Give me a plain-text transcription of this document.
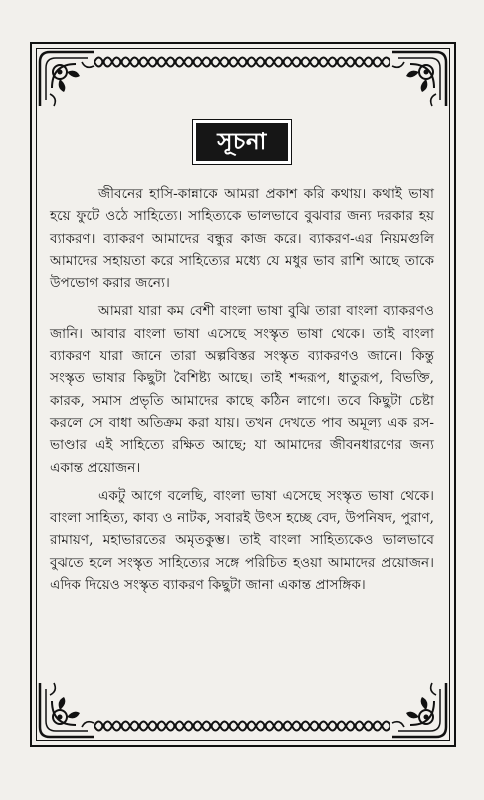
সূচনা

জীবনের হাসি-কান্নাকে আমরা প্রকাশ করি কথায়। কথাই ভাষা হয়ে ফুটে ওঠে সাহিত্যে। সাহিত্যকে ভালভাবে বুঝবার জন্য দরকার হয় ব্যাকরণ। ব্যাকরণ আমাদের বন্ধুর কাজ করে। ব্যাকরণ-এর নিয়মগুলি আমাদের সহায়তা করে সাহিত্যের মধ্যে যে মধুর ভাব রাশি আছে তাকে উপভোগ করার জন্যে।

আমরা যারা কম বেশী বাংলা ভাষা বুঝি তারা বাংলা ব্যাকরণও জানি। আবার বাংলা ভাষা এসেছে সংস্কৃত ভাষা থেকে। তাই বাংলা ব্যাকরণ যারা জানে তারা অল্পবিস্তর সংস্কৃত ব্যাকরণও জানে। কিন্তু সংস্কৃত ভাষার কিছুটা বৈশিষ্ট্য আছে। তাই শব্দরূপ, ধাতুরূপ, বিভক্তি, কারক, সমাস প্রভৃতি আমাদের কাছে কঠিন লাগে। তবে কিছুটা চেষ্টা করলে সে বাধা অতিক্রম করা যায়। তখন দেখতে পাব অমূল্য এক রস-ভাণ্ডার এই সাহিত্যে রক্ষিত আছে; যা আমাদের জীবনধারণের জন্য একান্ত প্রয়োজন।

একটু আগে বলেছি, বাংলা ভাষা এসেছে সংস্কৃত ভাষা থেকে। বাংলা সাহিত্য, কাব্য ও নাটক, সবারই উৎস হচ্ছে বেদ, উপনিষদ, পুরাণ, রামায়ণ, মহাভারতের অমৃতকুম্ভ। তাই বাংলা সাহিত্যকেও ভালভাবে বুঝতে হলে সংস্কৃত সাহিত্যের সঙ্গে পরিচিত হওয়া আমাদের প্রয়োজন। এদিক দিয়েও সংস্কৃত ব্যাকরণ কিছুটা জানা একান্ত প্রাসঙ্গিক।
